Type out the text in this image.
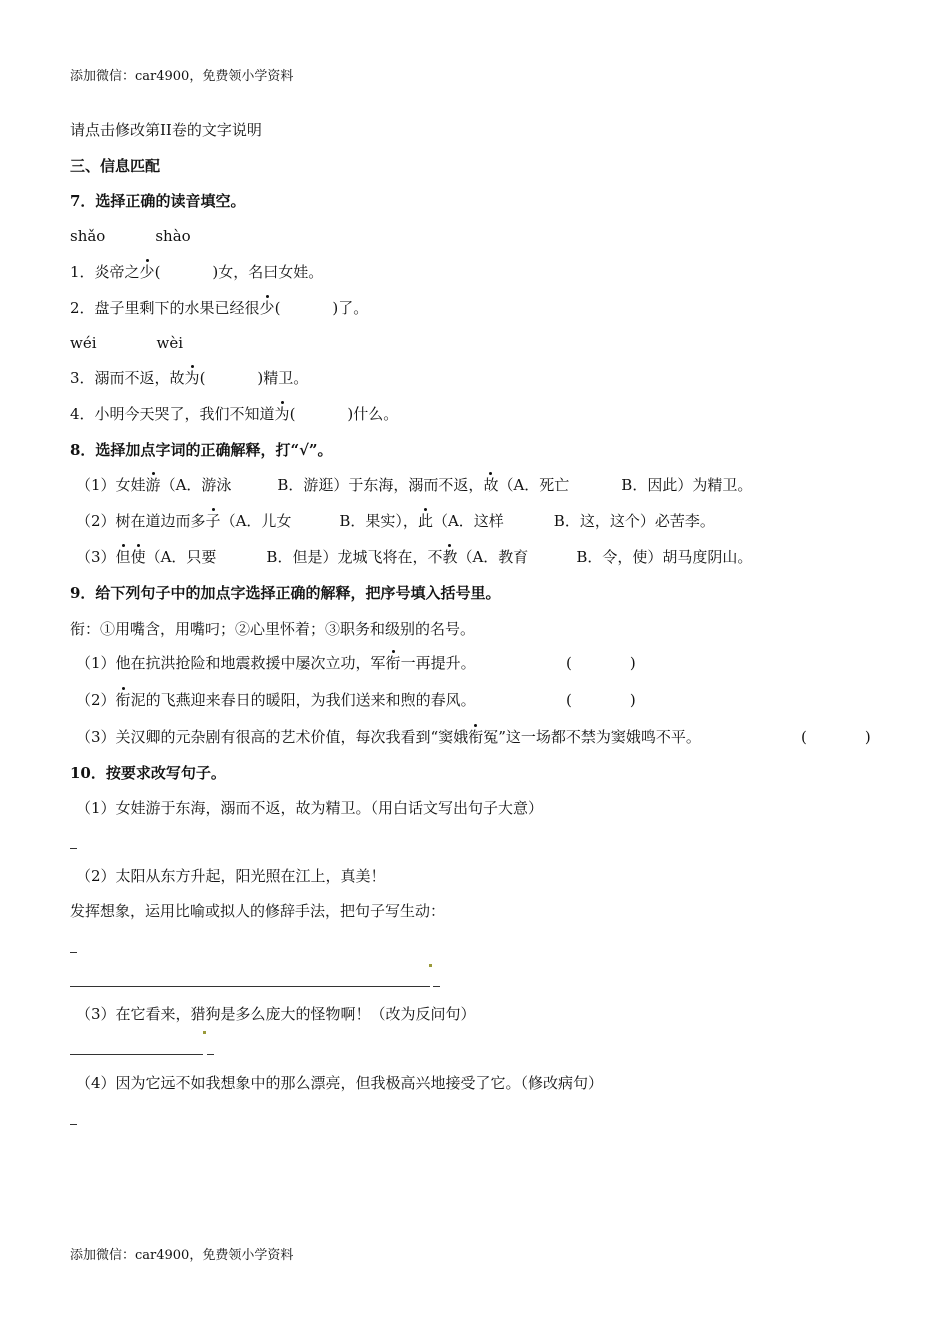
添加微信：car4900，免费领小学资料
请点击修改第II卷的文字说明
三、信息匹配
7．选择正确的读音填空。
shǎo	shào
1．炎帝之少(	)女，名曰女娃。
2．盘子里剩下的水果已经很少(	)了。
wéi	wèi
3．溺而不返，故为(	)精卫。
4．小明今天哭了，我们不知道为(	)什么。
8．选择加点字词的正确解释，打“√”。
（1）女娃游（A．游泳	B．游逛）于东海，溺而不返，故（A．死亡	B．因此）为精卫。
（2）树在道边而多子（A．儿女	B．果实），此（A．这样	B．这，这个）必苦李。
（3）但使（A．只要	B．但是）龙城飞将在，不教（A．教育	B．令，使）胡马度阴山。
9．给下列句子中的加点字选择正确的解释，把序号填入括号里。
衔：①用嘴含，用嘴叼；②心里怀着；③职务和级别的名号。
（1）他在抗洪抢险和地震救援中屡次立功，军衔一再提升。	(	)
（2）衔泥的飞燕迎来春日的暖阳，为我们送来和煦的春风。	(	)
（3）关汉卿的元杂剧有很高的艺术价值，每次我看到“窦娥衔冤”这一场都不禁为窦娥鸣不平。	(	)
10．按要求改写句子。
（1）女娃游于东海，溺而不返，故为精卫。（用白话文写出句子大意）
（2）太阳从东方升起，阳光照在江上，真美！
发挥想象，运用比喻或拟人的修辞手法，把句子写生动：
（3）在它看来，猎狗是多么庞大的怪物啊！（改为反问句）
（4）因为它远不如我想象中的那么漂亮，但我极高兴地接受了它。（修改病句）
添加微信：car4900，免费领小学资料
